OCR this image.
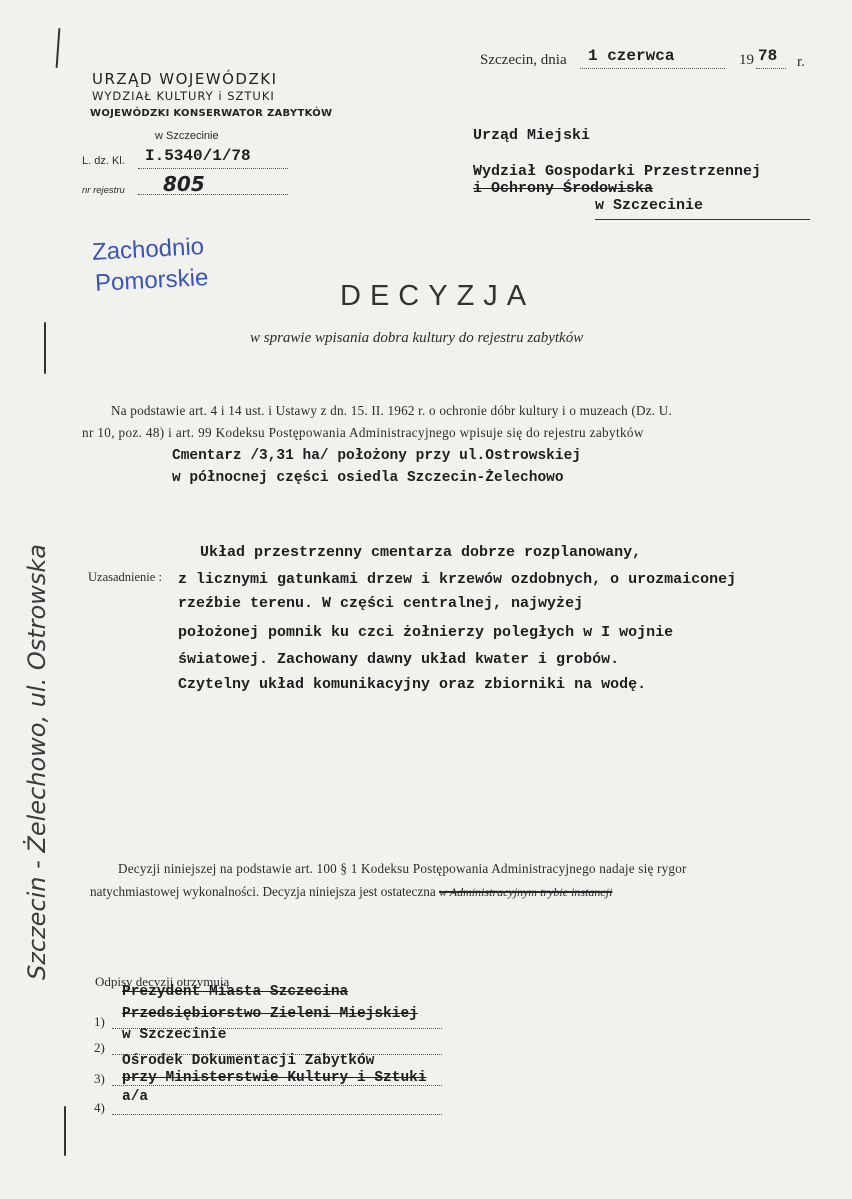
Szczecin - Żelechowo, ul. Ostrowska
Szczecin, dnia 1 czerwca	19 78 r.
URZĄD WOJEWÓDZKI
WYDZIAŁ KULTURY i SZTUKI
WOJEWÓDZKI KONSERWATOR ZABYTKÓW
w Szczecinie
L. dz. Kl. I.5340/1/78
nr rejestru 805
Urząd Miejski
Wydział Gospodarki Przestrzennej
i Ochrony Środowiska
w Szczecinie
Zachodnio
Pomorskie	DECYZJA
w sprawie wpisania dobra kultury do rejestru zabytków
Na podstawie art. 4 i 14 ust. i Ustawy z dn. 15. II. 1962 r. o ochronie dóbr kultury i o muzeach (Dz. U.
nr 10, poz. 48) i art. 99 Kodeksu Postępowania Administracyjnego wpisuje się do rejestru zabytków
Cmentarz /3,31 ha/ położony przy ul.Ostrowskiej
w północnej części osiedla Szczecin-Żelechowo
Uzasadnienie :
Układ przestrzenny cmentarza dobrze rozplanowany,
z licznymi gatunkami drzew i krzewów ozdobnych, o urozmaiconej rzeźbie terenu. W części centralnej, najwyżej
położonej pomnik ku czci żołnierzy poległych w I wojnie
światowej. Zachowany dawny układ kwater i grobów.
Czytelny układ komunikacyjny oraz zbiorniki na wodę.
Decyzji niniejszej na podstawie art. 100 § 1 Kodeksu Postępowania Administracyjnego nadaje się rygor
natychmiastowej wykonalności. Decyzja niniejsza jest ostateczna w Administracyjnym trybie instancji
Odpisy decyzji otrzymują
1)
2)
3)
4)
Prezydent Miasta Szczecina
Przedsiębiorstwo Zieleni Miejskiej
w Szczecinie
Ośrodek Dokumentacji Zabytków
przy Ministerstwie Kultury i Sztuki
a/a
